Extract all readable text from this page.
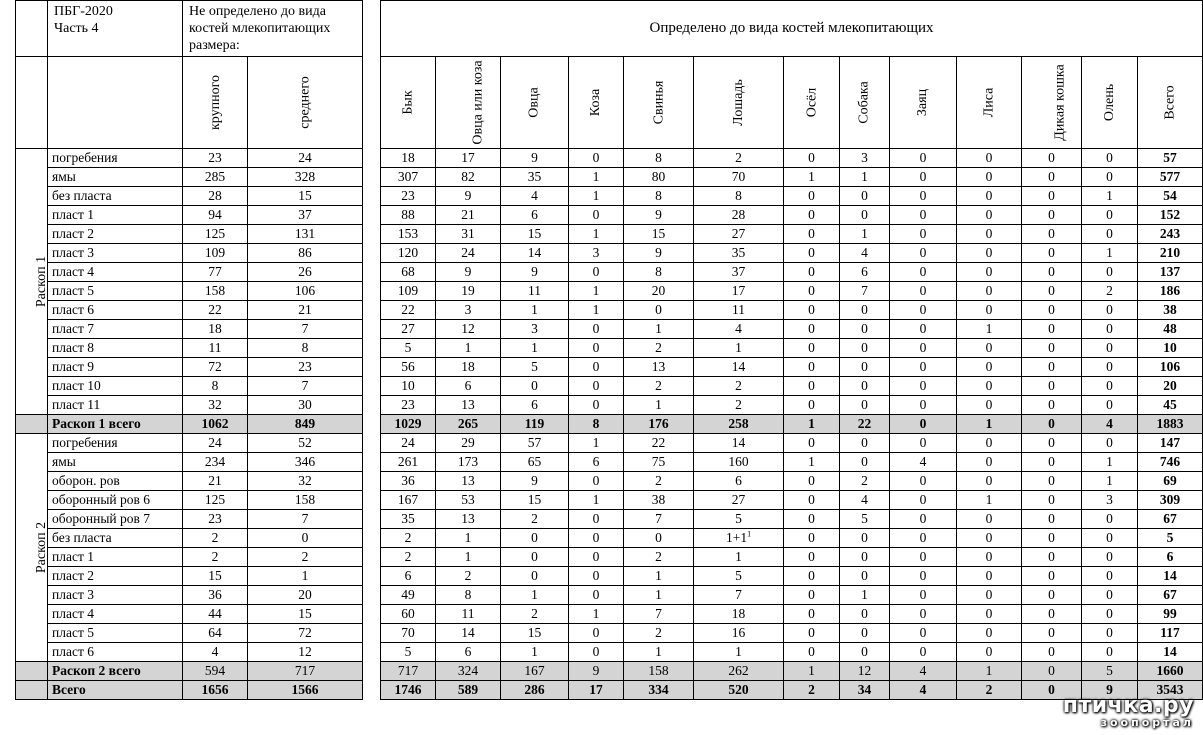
	ПБГ-2020
Часть 4	Не определено до вида костей млекопитающих размера:			Определено до вида костей млекопитающих												
		крупного	среднего		Бык	Овца или коза	Овца	Коза	Свинья	Лошадь	Осёл	Собака	Заяц	Лиса	Дикая кошка	Олень	Всего
Раскоп 1	погребения	23	24		18	17	9	0	8	2	0	3	0	0	0	0	57
	ямы	285	328		307	82	35	1	80	70	1	1	0	0	0	0	577
	без пласта	28	15		23	9	4	1	8	8	0	0	0	0	0	1	54
	пласт 1	94	37		88	21	6	0	9	28	0	0	0	0	0	0	152
	пласт 2	125	131		153	31	15	1	15	27	0	1	0	0	0	0	243
	пласт 3	109	86		120	24	14	3	9	35	0	4	0	0	0	1	210
	пласт 4	77	26		68	9	9	0	8	37	0	6	0	0	0	0	137
	пласт 5	158	106		109	19	11	1	20	17	0	7	0	0	0	2	186
	пласт 6	22	21		22	3	1	1	0	11	0	0	0	0	0	0	38
	пласт 7	18	7		27	12	3	0	1	4	0	0	0	1	0	0	48
	пласт 8	11	8		5	1	1	0	2	1	0	0	0	0	0	0	10
	пласт 9	72	23		56	18	5	0	13	14	0	0	0	0	0	0	106
	пласт 10	8	7		10	6	0	0	2	2	0	0	0	0	0	0	20
	пласт 11	32	30		23	13	6	0	1	2	0	0	0	0	0	0	45
	Раскоп 1 всего	1062	849		1029	265	119	8	176	258	1	22	0	1	0	4	1883
Раскоп 2	погребения	24	52		24	29	57	1	22	14	0	0	0	0	0	0	147
	ямы	234	346		261	173	65	6	75	160	1	0	4	0	0	1	746
	оборон. ров	21	32		36	13	9	0	2	6	0	2	0	0	0	1	69
	оборонный ров 6	125	158		167	53	15	1	38	27	0	4	0	1	0	3	309
	оборонный ров 7	23	7		35	13	2	0	7	5	0	5	0	0	0	0	67
	без пласта	2	0		2	1	0	0	0	$1+1^1$	0	0	0	0	0	0	5
	пласт 1	2	2		2	1	0	0	2	1	0	0	0	0	0	0	6
	пласт 2	15	1		6	2	0	0	1	5	0	0	0	0	0	0	14
	пласт 3	36	20		49	8	1	0	1	7	0	1	0	0	0	0	67
	пласт 4	44	15		60	11	2	1	7	18	0	0	0	0	0	0	99
	пласт 5	64	72		70	14	15	0	2	16	0	0	0	0	0	0	117
	пласт 6	4	12		5	6	1	0	1	1	0	0	0	0	0	0	14
	Раскоп 2 всего	594	717		717	324	167	9	158	262	1	12	4	1	0	5	1660
	Всего	1656	1566		1746	589	286	17	334	520	2	34	4	2	0	9	3543
птичка.ру
зоопортал
